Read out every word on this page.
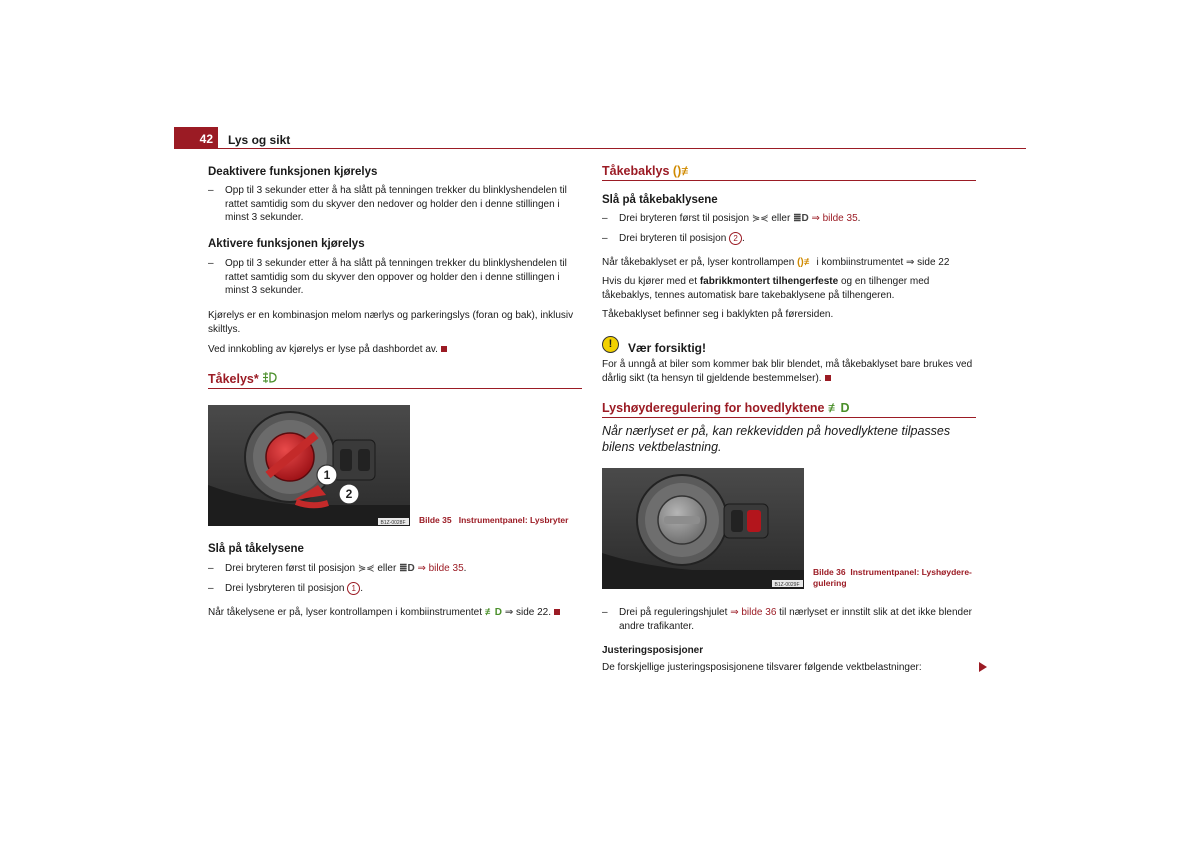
42	Lys og sikt
Deaktivere funksjonen kjørelys
– Opp til 3 sekunder etter å ha slått på tenningen trekker du blinklyshendelen til rattet samtidig som du skyver den nedover og holder den i denne stillingen i minst 3 sekunder.
Aktivere funksjonen kjørelys
– Opp til 3 sekunder etter å ha slått på tenningen trekker du blinklyshendelen til rattet samtidig som du skyver den oppover og holder den i denne stillingen i minst 3 sekunder.
Kjørelys er en kombinasjon melom nærlys og parkeringslys (foran og bak), inklusiv skiltlys.
Ved innkobling av kjørelys er lyse på dashbordet av.
Tåkelys*
1
2
B1Z-0028F Bilde 35 Instrumentpanel: Lysbryter
Slå på tåkelysene
– Drei bryteren først til posisjon ⋟⋞ eller ≣D ⇒ bilde 35.
– Drei lysbryteren til posisjon 1 .
Når tåkelysene er på, lyser kontrollampen i kombiinstrumentet ≢D ⇒ side 22.
Tåkebaklys ()≢
Slå på tåkebaklysene
– Drei bryteren først til posisjon ⋟⋞ eller ≣D ⇒ bilde 35.
– Drei bryteren til posisjon 2 .
Når tåkebaklyset er på, lyser kontrollampen ()≢ i kombiinstrumentet ⇒ side 22
Hvis du kjører med et fabrikkmontert tilhengerfeste og en tilhenger med tåkebaklys, tennes automatisk bare takebaklysene på tilhengeren.
Tåkebaklyset befinner seg i baklykten på førersiden.
!	Vær forsiktig!
For å unngå at biler som kommer bak blir blendet, må tåkebaklyset bare brukes ved dårlig sikt (ta hensyn til gjeldende bestemmelser).
Lyshøyderegulering for hovedlyktene ≢D
Når nærlyset er på, kan rekkevidden på hovedlyktene tilpasses bilens vektbelastning.
B1Z-0029F
Bilde 36 Instrumentpanel: Lyshøydere-
gulering
– Drei på reguleringshjulet ⇒ bilde 36 til nærlyset er innstilt slik at det ikke blender andre trafikanter.
Justeringsposisjoner
De forskjellige justeringsposisjonene tilsvarer følgende vektbelastninger:
